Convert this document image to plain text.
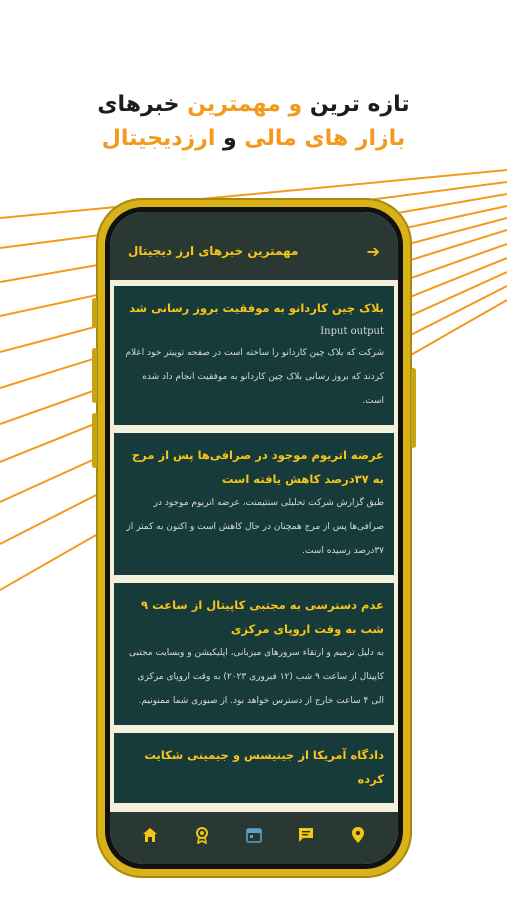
تازه ترین و مهمترین خبرهای
بازار های مالی و ارزدیجیتال
➔
مهمترین خبرهای ارز دیجیتال
بلاک چین کاردانو به موفقیت بروز رسانی شد
Input output
شرکت که بلاک چین کاردانو را ساخته است در صفحه توییتر خود اعلام کردند که بروز رسانی بلاک چین کاردانو به موفقیت انجام داد شده است.
عرضه اتریوم موجود در صرافی‌ها پس از مرج به ۳۷درصد کاهش یافته است
طبق گزارش شرکت تحلیلی سنتیمنت، عرضه اتریوم موجود در صرافی‌ها پس از مرج همچنان در حال کاهش است و اکنون به کمتر از ۳۷درصد رسیده است.
عدم دسترسی به مجتبی کاپیتال از ساعت ۹ شب به وقت اروپای مرکزی
به دلیل ترمیم و ارتقاء سرورهای میزبانی، اپلیکیشن و وبسایت مجتبی کاپیتال از ساعت ۹ شب (۱۲ فبروری ۲۰۲۳) به وقت اروپای مرکزی الی ۴ ساعت خارج از دسترس خواهد بود. از صبوری شما ممنونیم.
دادگاه آمریکا از جینیسس و جیمینی شکایت کرده
